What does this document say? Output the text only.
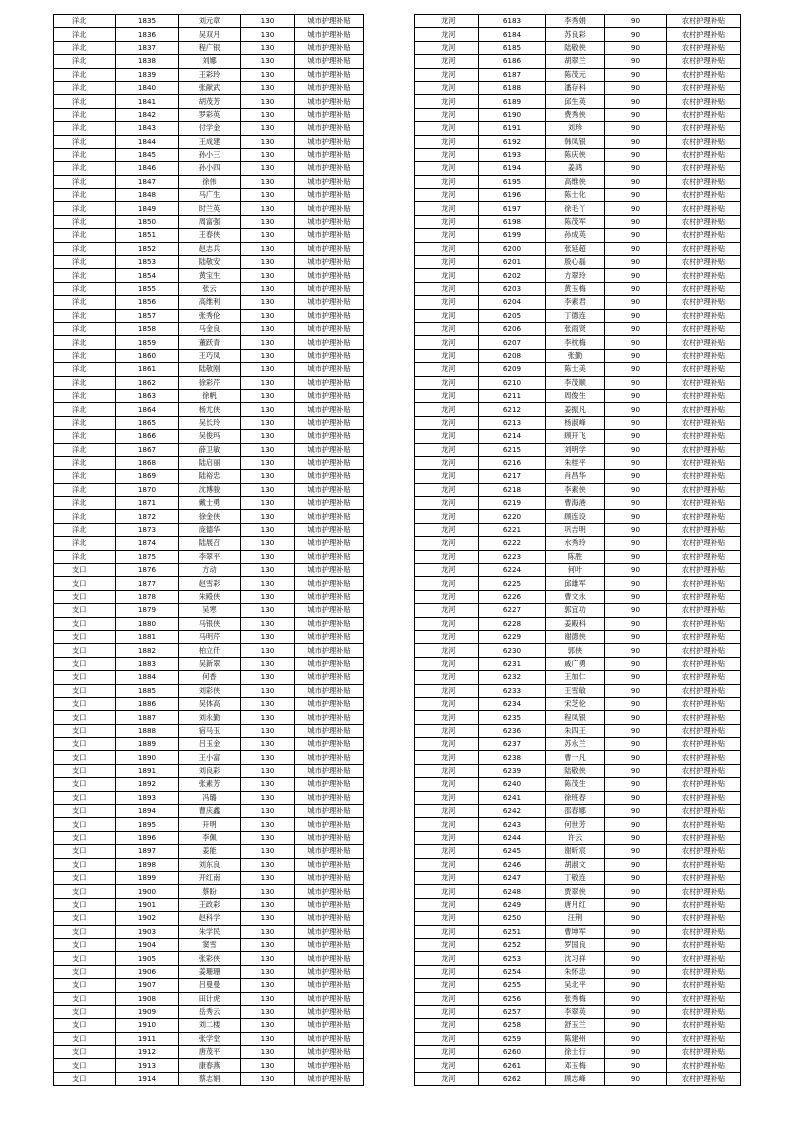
洋北	1835	刘元章	130	城市护理补贴
洋北	1836	吴双月	130	城市护理补贴
洋北	1837	程广银	130	城市护理补贴
洋北	1838	刘娜	130	城市护理补贴
洋北	1839	王彩玲	130	城市护理补贴
洋北	1840	张献武	130	城市护理补贴
洋北	1841	胡茂芳	130	城市护理补贴
洋北	1842	罗彩英	130	城市护理补贴
洋北	1843	付学金	130	城市护理补贴
洋北	1844	王成建	130	城市护理补贴
洋北	1845	孙小三	130	城市护理补贴
洋北	1846	孙小四	130	城市护理补贴
洋北	1847	徐伟	130	城市护理补贴
洋北	1848	马广生	130	城市护理补贴
洋北	1849	时兰英	130	城市护理补贴
洋北	1850	周富强	130	城市护理补贴
洋北	1851	王春侠	130	城市护理补贴
洋北	1852	赵志兵	130	城市护理补贴
洋北	1853	陆敬安	130	城市护理补贴
洋北	1854	黄宝生	130	城市护理补贴
洋北	1855	张云	130	城市护理补贴
洋北	1856	高维利	130	城市护理补贴
洋北	1857	张秀伦	130	城市护理补贴
洋北	1858	马金良	130	城市护理补贴
洋北	1859	董跃青	130	城市护理补贴
洋北	1860	王巧凤	130	城市护理补贴
洋北	1861	陆敬刚	130	城市护理补贴
洋北	1862	徐彩芹	130	城市护理补贴
洋北	1863	徐帆	130	城市护理补贴
洋北	1864	杨尤侠	130	城市护理补贴
洋北	1865	吴长玲	130	城市护理补贴
洋北	1866	吴俊玛	130	城市护理补贴
洋北	1867	薛卫敏	130	城市护理补贴
洋北	1868	陆启丽	130	城市护理补贴
洋北	1869	陆裕忠	130	城市护理补贴
洋北	1870	沈博骏	130	城市护理补贴
洋北	1871	戴士勇	130	城市护理补贴
洋北	1872	徐金侠	130	城市护理补贴
洋北	1873	庞德华	130	城市护理补贴
洋北	1874	陆展召	130	城市护理补贴
洋北	1875	李翠平	130	城市护理补贴
支口	1876	方动	130	城市护理补贴
支口	1877	赵雪彩	130	城市护理补贴
支口	1878	朱殿侠	130	城市护理补贴
支口	1879	吴寒	130	城市护理补贴
支口	1880	马银侠	130	城市护理补贴
支口	1881	马明芹	130	城市护理补贴
支口	1882	柏立仟	130	城市护理补贴
支口	1883	吴新翠	130	城市护理补贴
支口	1884	何香	130	城市护理补贴
支口	1885	刘彩侠	130	城市护理补贴
支口	1886	吴体高	130	城市护理补贴
支口	1887	刘永勤	130	城市护理补贴
支口	1888	宿马玉	130	城市护理补贴
支口	1889	吕玉金	130	城市护理补贴
支口	1890	王小富	130	城市护理补贴
支口	1891	刘良彩	130	城市护理补贴
支口	1892	张素芳	130	城市护理补贴
支口	1893	冯璐	130	城市护理补贴
支口	1894	曹庆鑫	130	城市护理补贴
支口	1895	开明	130	城市护理补贴
支口	1896	李佩	130	城市护理补贴
支口	1897	姜能	130	城市护理补贴
支口	1898	刘东良	130	城市护理补贴
支口	1899	开红南	130	城市护理补贴
支口	1900	蔡盼	130	城市护理补贴
支口	1901	王政彩	130	城市护理补贴
支口	1902	赵科学	130	城市护理补贴
支口	1903	朱学民	130	城市护理补贴
支口	1904	窦雪	130	城市护理补贴
支口	1905	张彩侠	130	城市护理补贴
支口	1906	姜珊珊	130	城市护理补贴
支口	1907	吕曼曼	130	城市护理补贴
支口	1908	田计虎	130	城市护理补贴
支口	1909	岳秀云	130	城市护理补贴
支口	1910	刘二楼	130	城市护理补贴
支口	1911	张学堂	130	城市护理补贴
支口	1912	唐茂平	130	城市护理补贴
支口	1913	康春燕	130	城市护理补贴
支口	1914	蔡志娟	130	城市护理补贴
龙河	6183	李秀娟	90	农村护理补贴
龙河	6184	苏良彩	90	农村护理补贴
龙河	6185	陆敬侠	90	农村护理补贴
龙河	6186	胡翠兰	90	农村护理补贴
龙河	6187	陈茂元	90	农村护理补贴
龙河	6188	潘存科	90	农村护理补贴
龙河	6189	邱生英	90	农村护理补贴
龙河	6190	费秀侠	90	农村护理补贴
龙河	6191	刘珍	90	农村护理补贴
龙河	6192	韩凤银	90	农村护理补贴
龙河	6193	陈庆侠	90	农村护理补贴
龙河	6194	姜鸿	90	农村护理补贴
龙河	6195	高维侠	90	农村护理补贴
龙河	6196	陈士化	90	农村护理补贴
龙河	6197	徐毛丫	90	农村护理补贴
龙河	6198	陈茂军	90	农村护理补贴
龙河	6199	孙成英	90	农村护理补贴
龙河	6200	张延超	90	农村护理补贴
龙河	6201	殷心磊	90	农村护理补贴
龙河	6202	方翠玲	90	农村护理补贴
龙河	6203	黄玉梅	90	农村护理补贴
龙河	6204	李素君	90	农村护理补贴
龙河	6205	丁德连	90	农村护理补贴
龙河	6206	张雨贤	90	农村护理补贴
龙河	6207	李枕梅	90	农村护理补贴
龙河	6208	张勤	90	农村护理补贴
龙河	6209	陈士美	90	农村护理补贴
龙河	6210	李茂顺	90	农村护理补贴
龙河	6211	周俊生	90	农村护理补贴
龙河	6212	姜振凡	90	农村护理补贴
龙河	6213	杨淑峰	90	农村护理补贴
龙河	6214	顾开飞	90	农村护理补贴
龙河	6215	刘明学	90	农村护理补贴
龙河	6216	朱桂平	90	农村护理补贴
龙河	6217	肖昌华	90	农村护理补贴
龙河	6218	李素侠	90	农村护理补贴
龙河	6219	曹海港	90	农村护理补贴
龙河	6220	顾连设	90	农村护理补贴
龙河	6221	巩吉明	90	农村护理补贴
龙河	6222	水秀玲	90	农村护理补贴
龙河	6223	陈胜	90	农村护理补贴
龙河	6224	何叶	90	农村护理补贴
龙河	6225	邱雄军	90	农村护理补贴
龙河	6226	曹文永	90	农村护理补贴
龙河	6227	郭宜功	90	农村护理补贴
龙河	6228	姜殿科	90	农村护理补贴
龙河	6229	谢德侠	90	农村护理补贴
龙河	6230	郭侠	90	农村护理补贴
龙河	6231	戚广勇	90	农村护理补贴
龙河	6232	王加仁	90	农村护理补贴
龙河	6233	王雪敏	90	农村护理补贴
龙河	6234	宋芝伦	90	农村护理补贴
龙河	6235	程凤银	90	农村护理补贴
龙河	6236	朱四王	90	农村护理补贴
龙河	6237	苏永兰	90	农村护理补贴
龙河	6238	曹一凡	90	农村护理补贴
龙河	6239	陆敬侠	90	农村护理补贴
龙河	6240	陈茂生	90	农村护理补贴
龙河	6241	徐班春	90	农村护理补贴
龙河	6242	邵春娜	90	农村护理补贴
龙河	6243	何世芳	90	农村护理补贴
龙河	6244	许云	90	农村护理补贴
龙河	6245	谢昕宸	90	农村护理补贴
龙河	6246	胡淑文	90	农村护理补贴
龙河	6247	丁敬连	90	农村护理补贴
龙河	6248	贾翠侠	90	农村护理补贴
龙河	6249	唐月红	90	农村护理补贴
龙河	6250	汪荆	90	农村护理补贴
龙河	6251	曹坤军	90	农村护理补贴
龙河	6252	罗国良	90	农村护理补贴
龙河	6253	沈习祥	90	农村护理补贴
龙河	6254	朱怀忠	90	农村护理补贴
龙河	6255	吴北平	90	农村护理补贴
龙河	6256	张秀梅	90	农村护理补贴
龙河	6257	李翠英	90	农村护理补贴
龙河	6258	舒玉兰	90	农村护理补贴
龙河	6259	陈建州	90	农村护理补贴
龙河	6260	徐士行	90	农村护理补贴
龙河	6261	邓玉梅	90	农村护理补贴
龙河	6262	顾志峰	90	农村护理补贴
